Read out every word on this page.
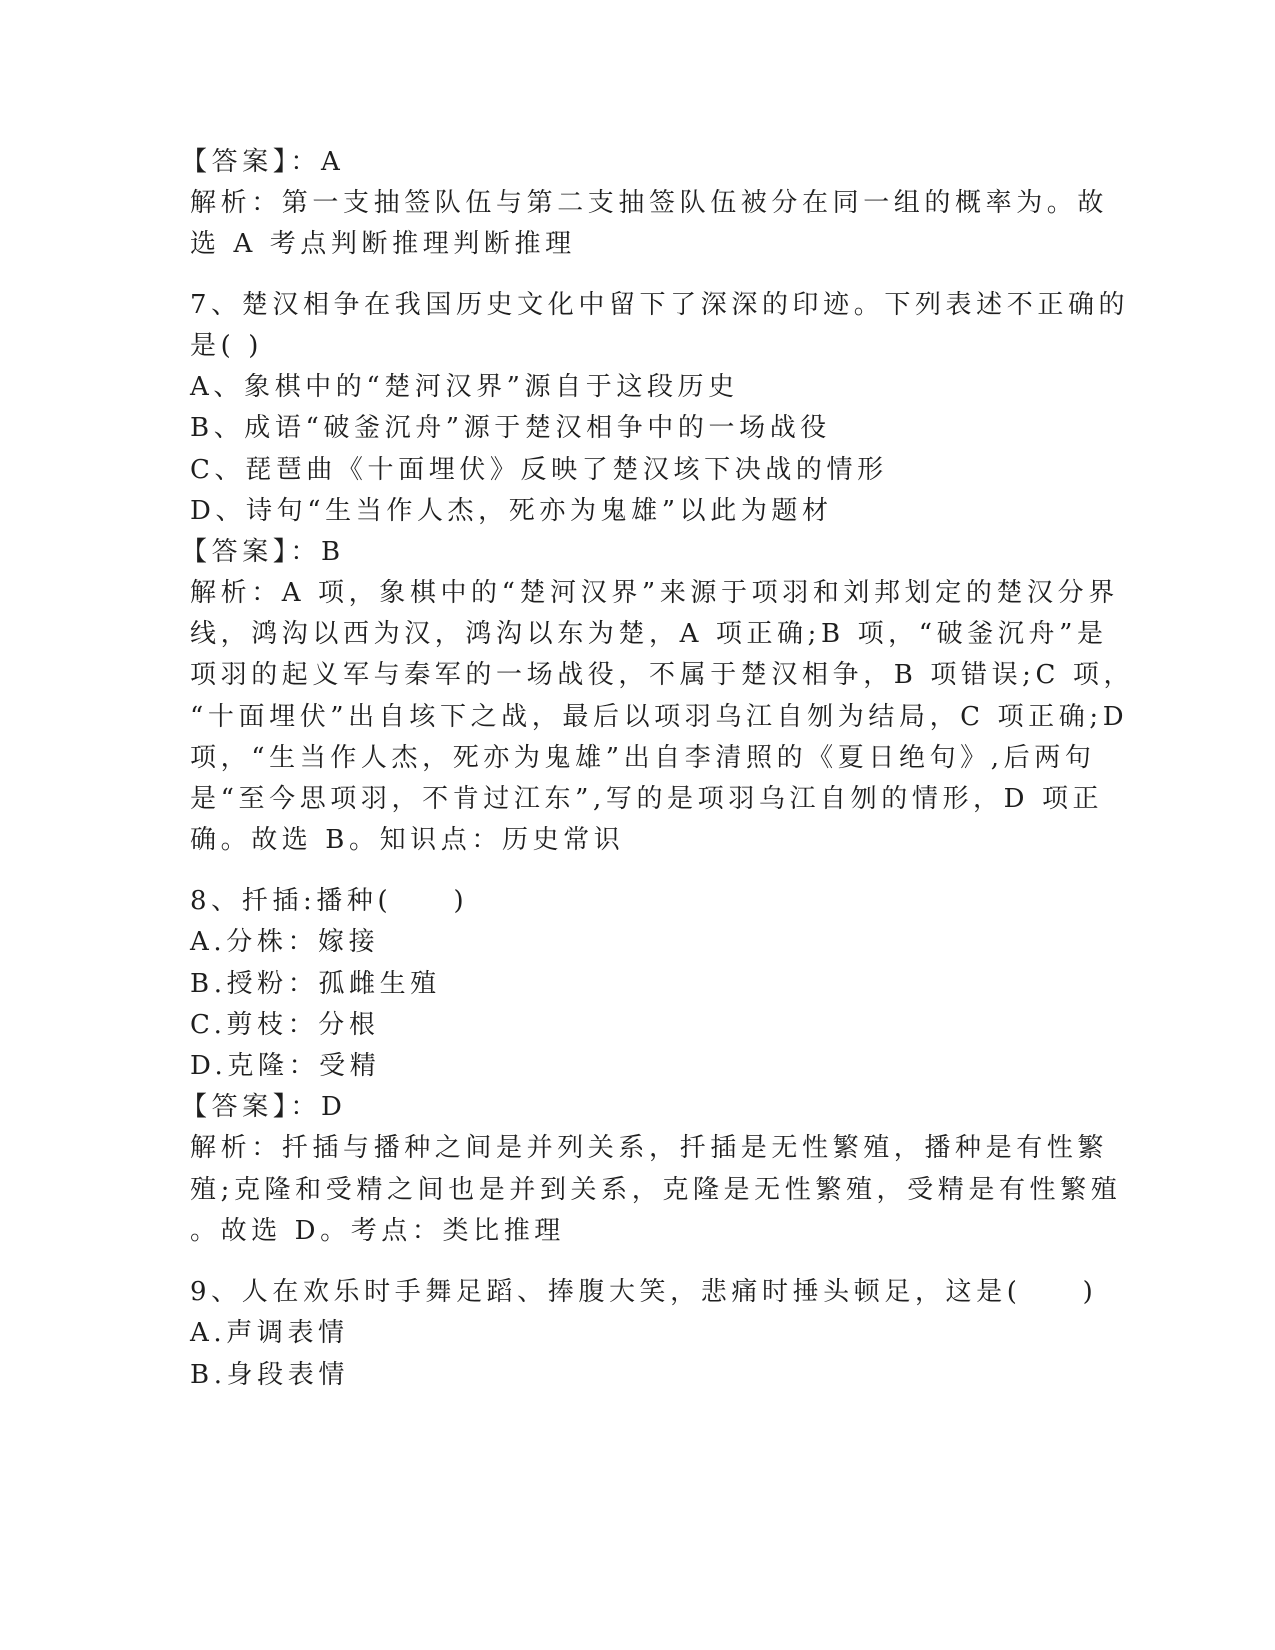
【答案】：A
解析：第一支抽签队伍与第二支抽签队伍被分在同一组的概率为。故
选 A 考点判断推理判断推理
7、楚汉相争在我国历史文化中留下了深深的印迹。下列表述不正确的
是( )
A、象棋中的“楚河汉界”源自于这段历史
B、成语“破釜沉舟”源于楚汉相争中的一场战役
C、琵琶曲《十面埋伏》反映了楚汉垓下决战的情形
D、诗句“生当作人杰，死亦为鬼雄”以此为题材
【答案】：B
解析：A 项，象棋中的“楚河汉界”来源于项羽和刘邦划定的楚汉分界
线，鸿沟以西为汉，鸿沟以东为楚，A 项正确;B 项，“破釜沉舟”是
项羽的起义军与秦军的一场战役，不属于楚汉相争，B 项错误;C 项，
“十面埋伏”出自垓下之战，最后以项羽乌江自刎为结局，C 项正确;D
项，“生当作人杰，死亦为鬼雄”出自李清照的《夏日绝句》,后两句
是“至今思项羽，不肯过江东”,写的是项羽乌江自刎的情形，D 项正
确。故选 B。知识点：历史常识
8、扦插:播种(　　)
A.分株：嫁接
B.授粉：孤雌生殖
C.剪枝：分根
D.克隆：受精
【答案】：D
解析：扦插与播种之间是并列关系，扦插是无性繁殖，播种是有性繁
殖;克隆和受精之间也是并到关系，克隆是无性繁殖，受精是有性繁殖
。故选 D。考点：类比推理
9、人在欢乐时手舞足蹈、捧腹大笑，悲痛时捶头顿足，这是(　　)
A.声调表情
B.身段表情
